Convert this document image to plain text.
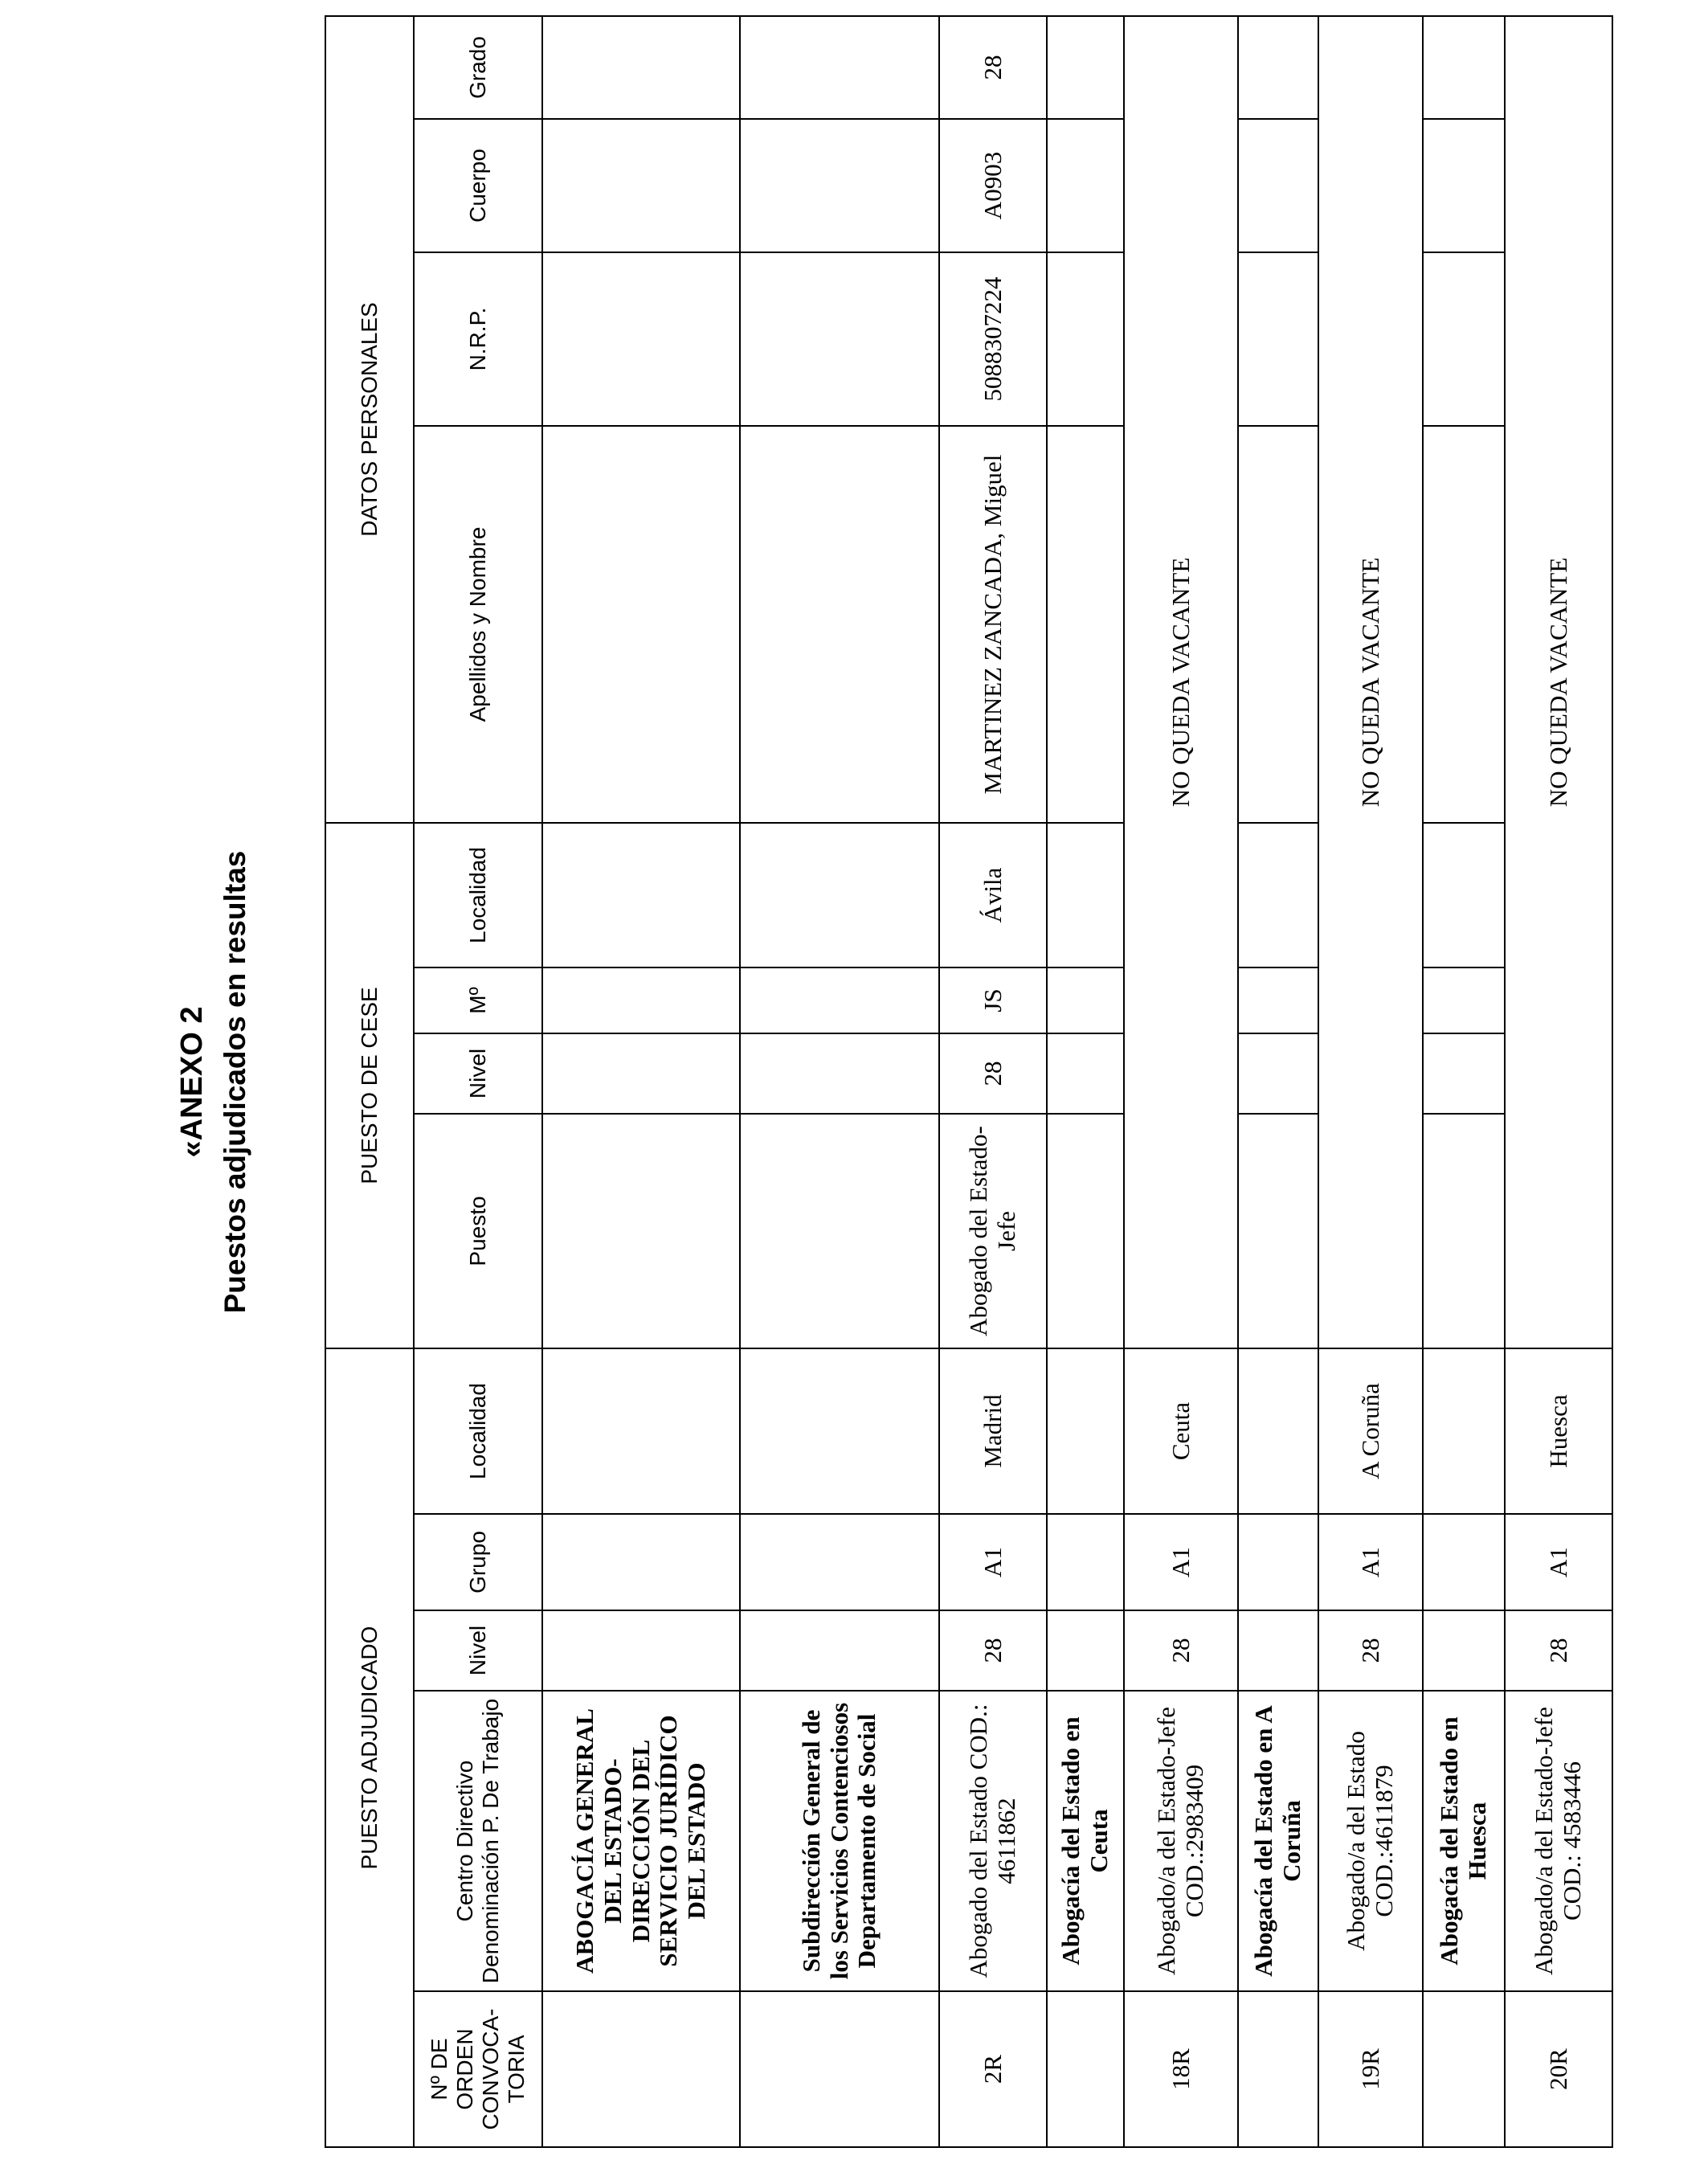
«ANEXO 2 Puestos adjudicados en resultas
PUESTO ADJUDICADO					PUESTO DE CESE				DATOS PERSONALES			
Nº DE ORDEN CONVOCA-TORIA	Centro Directivo Denominación P. De Trabajo	Nivel	Grupo	Localidad	Puesto	Nivel	Mº	Localidad	Apellidos y Nombre	N.R.P.	Cuerpo	Grado
	ABOGACÍA GENERAL DEL ESTADO-DIRECCIÓN DEL SERVICIO JURÍDICO DEL ESTADO											
	Subdirección General de los Servicios Contenciosos Departamento de Social											
2R	Abogado del Estado COD.: 4611862	28	A1	Madrid	Abogado del Estado-Jefe	28	JS	Ávila	MARTINEZ ZANCADA, Miguel	5088307224	A0903	28
	Abogacía del Estado en Ceuta											
18R	Abogado/a del Estado-Jefe COD.:2983409	28	A1	Ceuta	NO QUEDA VACANTE							
	Abogacía del Estado en A Coruña											
19R	Abogado/a del Estado COD.:4611879	28	A1	A Coruña	NO QUEDA VACANTE							
	Abogacía del Estado en Huesca											
20R	Abogado/a del Estado-Jefe COD.: 4583446	28	A1	Huesca	NO QUEDA VACANTE							
